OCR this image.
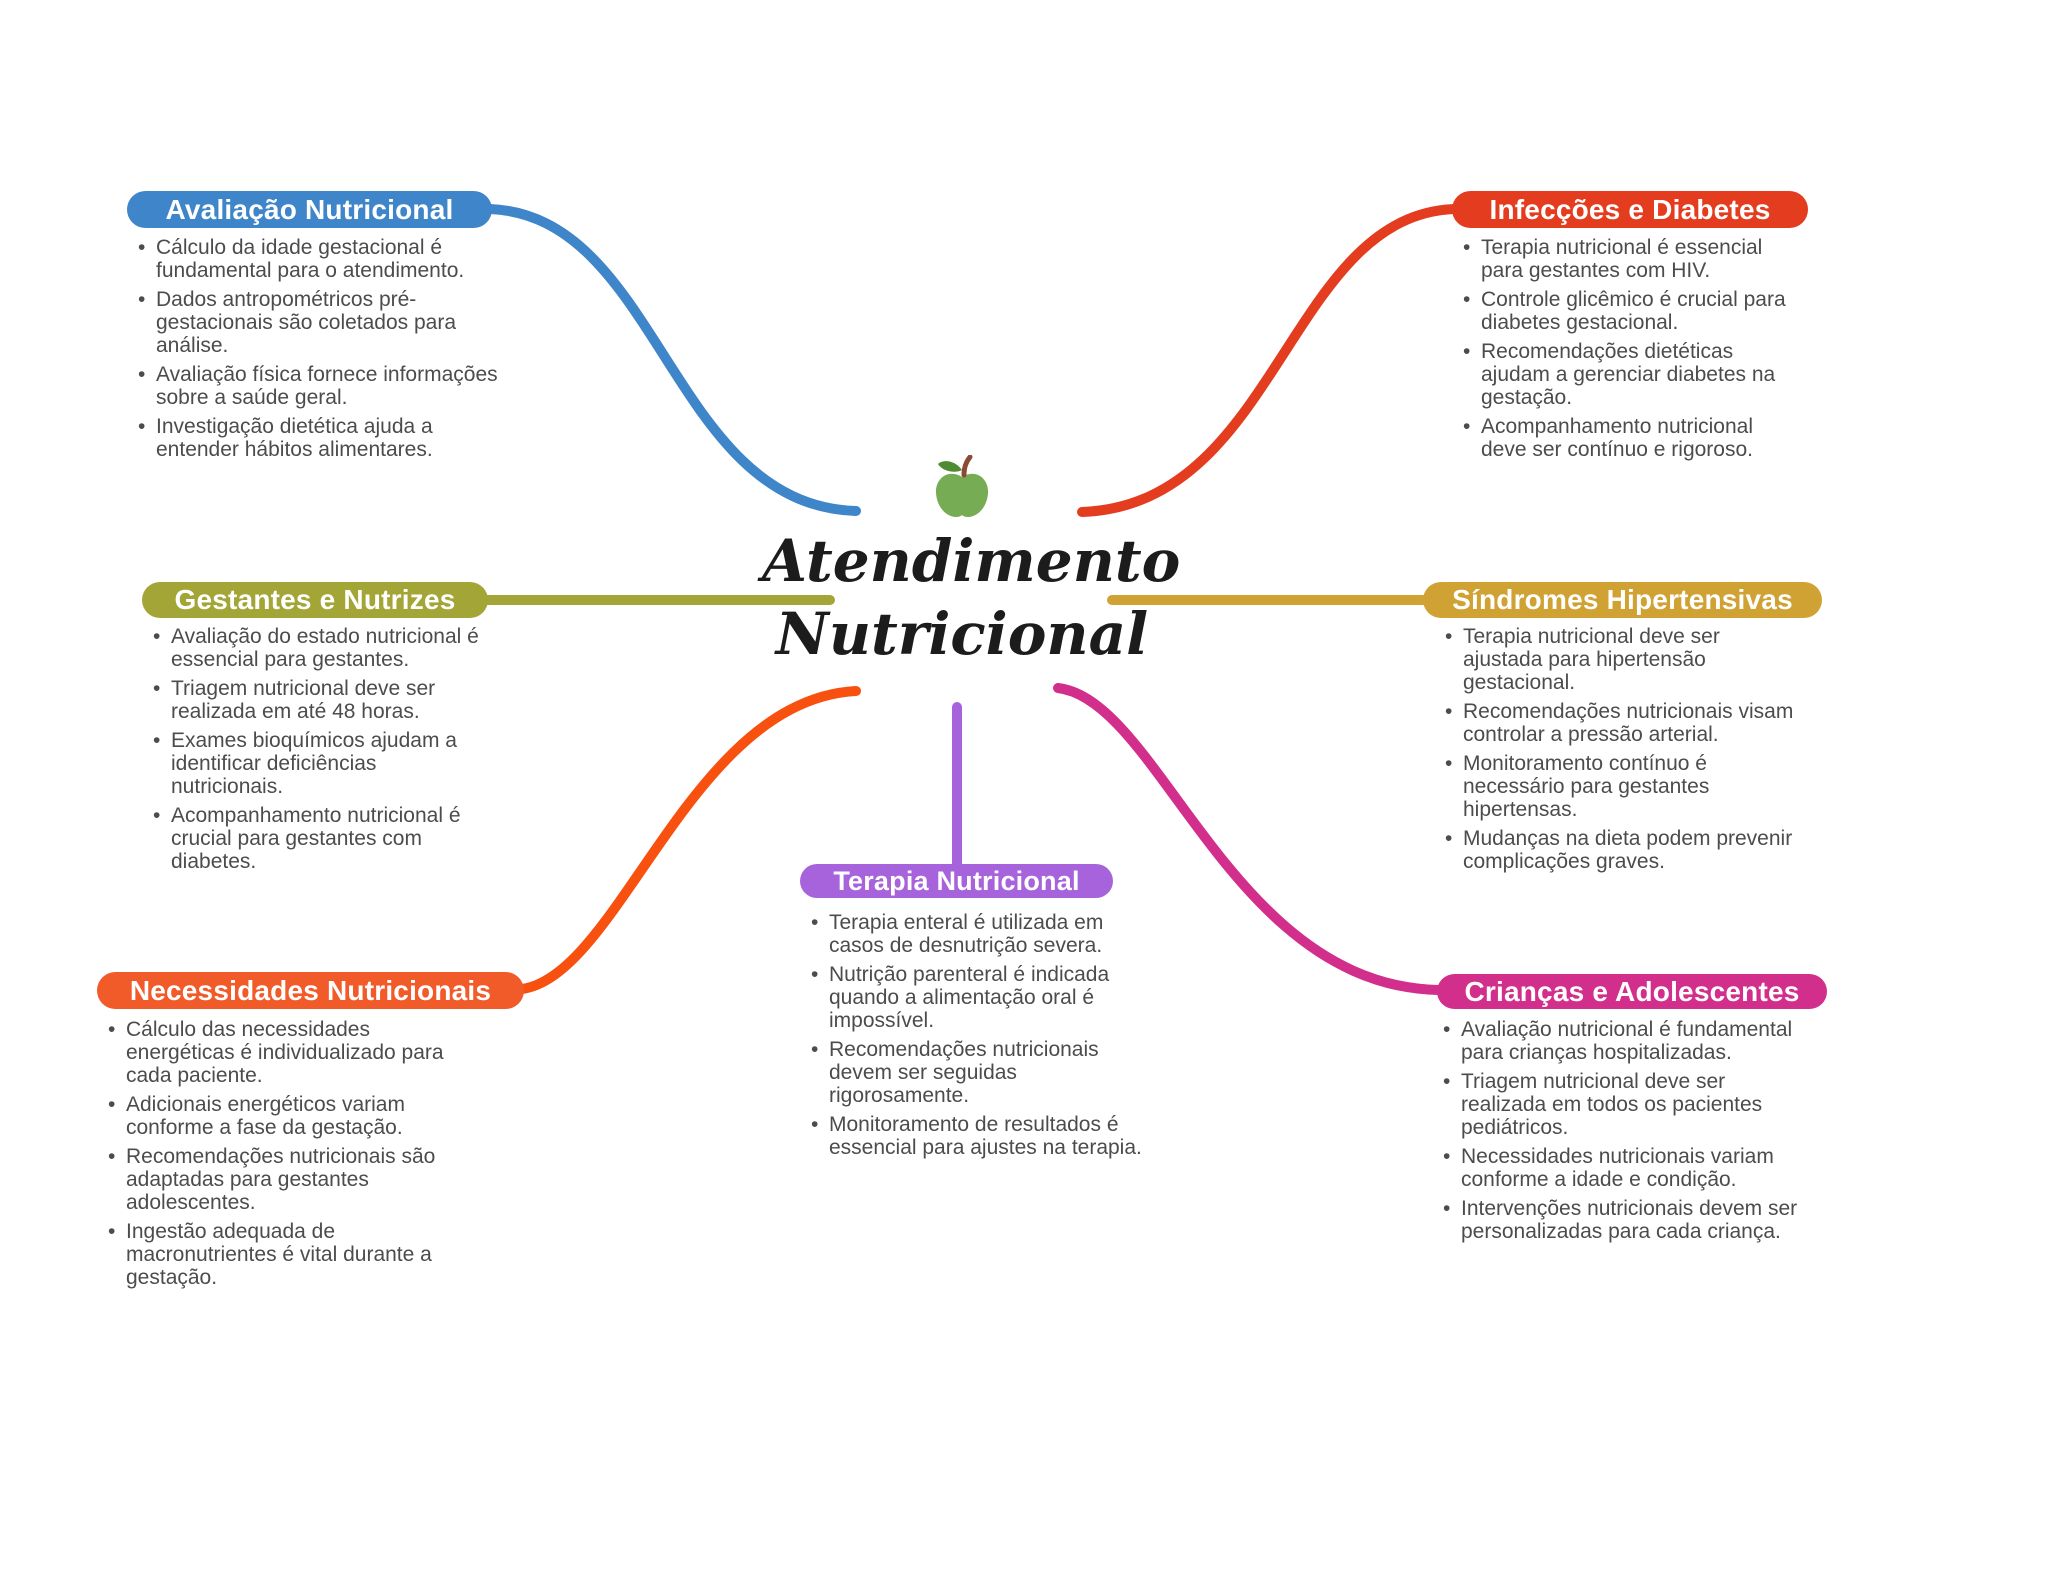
Atendimento
Nutricional
Avaliação Nutricional
• Cálculo da idade gestacional é fundamental para o atendimento.
• Dados antropométricos pré-gestacionais são coletados para análise.
• Avaliação física fornece informações sobre a saúde geral.
• Investigação dietética ajuda a entender hábitos alimentares.
Infecções e Diabetes
• Terapia nutricional é essencial para gestantes com HIV.
• Controle glicêmico é crucial para diabetes gestacional.
• Recomendações dietéticas ajudam a gerenciar diabetes na gestação.
• Acompanhamento nutricional deve ser contínuo e rigoroso.
Gestantes e Nutrizes
• Avaliação do estado nutricional é essencial para gestantes.
• Triagem nutricional deve ser realizada em até 48 horas.
• Exames bioquímicos ajudam a identificar deficiências nutricionais.
• Acompanhamento nutricional é crucial para gestantes com diabetes.
Síndromes Hipertensivas
• Terapia nutricional deve ser ajustada para hipertensão gestacional.
• Recomendações nutricionais visam controlar a pressão arterial.
• Monitoramento contínuo é necessário para gestantes hipertensas.
• Mudanças na dieta podem prevenir complicações graves.
Necessidades Nutricionais
• Cálculo das necessidades energéticas é individualizado para cada paciente.
• Adicionais energéticos variam conforme a fase da gestação.
• Recomendações nutricionais são adaptadas para gestantes adolescentes.
• Ingestão adequada de macronutrientes é vital durante a gestação.
Terapia Nutricional
• Terapia enteral é utilizada em casos de desnutrição severa.
• Nutrição parenteral é indicada quando a alimentação oral é impossível.
• Recomendações nutricionais devem ser seguidas rigorosamente.
• Monitoramento de resultados é essencial para ajustes na terapia.
Crianças e Adolescentes
• Avaliação nutricional é fundamental para crianças hospitalizadas.
• Triagem nutricional deve ser realizada em todos os pacientes pediátricos.
• Necessidades nutricionais variam conforme a idade e condição.
• Intervenções nutricionais devem ser personalizadas para cada criança.
